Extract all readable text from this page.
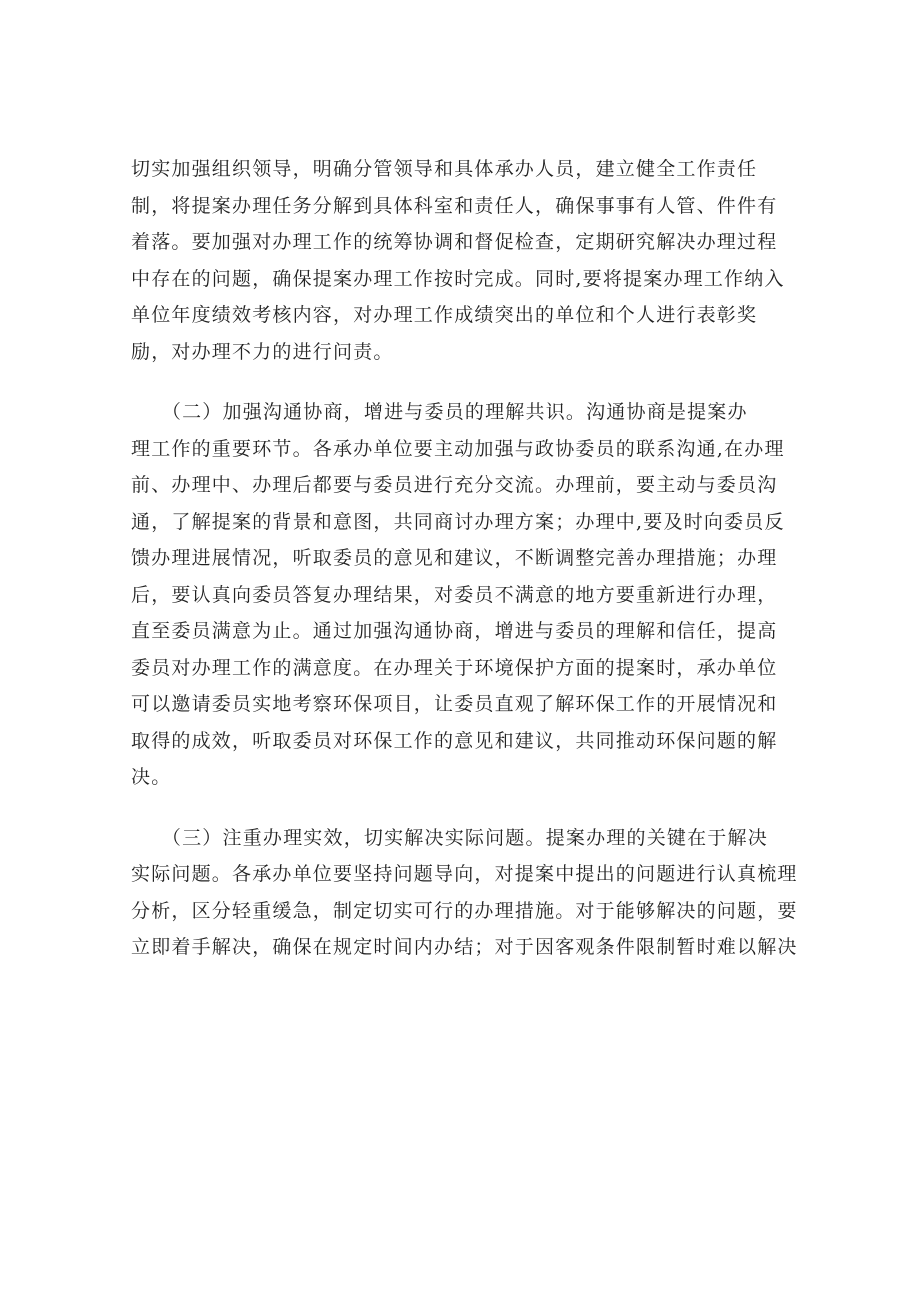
切实加强组织领导，明确分管领导和具体承办人员，建立健全工作责任
制，将提案办理任务分解到具体科室和责任人，确保事事有人管、件件有
着落。要加强对办理工作的统筹协调和督促检查，定期研究解决办理过程
中存在的问题，确保提案办理工作按时完成。同时,要将提案办理工作纳入
单位年度绩效考核内容，对办理工作成绩突出的单位和个人进行表彰奖
励，对办理不力的进行问责。
　　（二）加强沟通协商，增进与委员的理解共识。沟通协商是提案办
理工作的重要环节。各承办单位要主动加强与政协委员的联系沟通,在办理
前、办理中、办理后都要与委员进行充分交流。办理前，要主动与委员沟
通，了解提案的背景和意图，共同商讨办理方案；办理中,要及时向委员反
馈办理进展情况，听取委员的意见和建议，不断调整完善办理措施；办理
后，要认真向委员答复办理结果，对委员不满意的地方要重新进行办理，
直至委员满意为止。通过加强沟通协商，增进与委员的理解和信任，提高
委员对办理工作的满意度。在办理关于环境保护方面的提案时，承办单位
可以邀请委员实地考察环保项目，让委员直观了解环保工作的开展情况和
取得的成效，听取委员对环保工作的意见和建议，共同推动环保问题的解
决。
　　（三）注重办理实效，切实解决实际问题。提案办理的关键在于解决
实际问题。各承办单位要坚持问题导向，对提案中提出的问题进行认真梳理
分析，区分轻重缓急，制定切实可行的办理措施。对于能够解决的问题，要
立即着手解决，确保在规定时间内办结；对于因客观条件限制暂时难以解决
